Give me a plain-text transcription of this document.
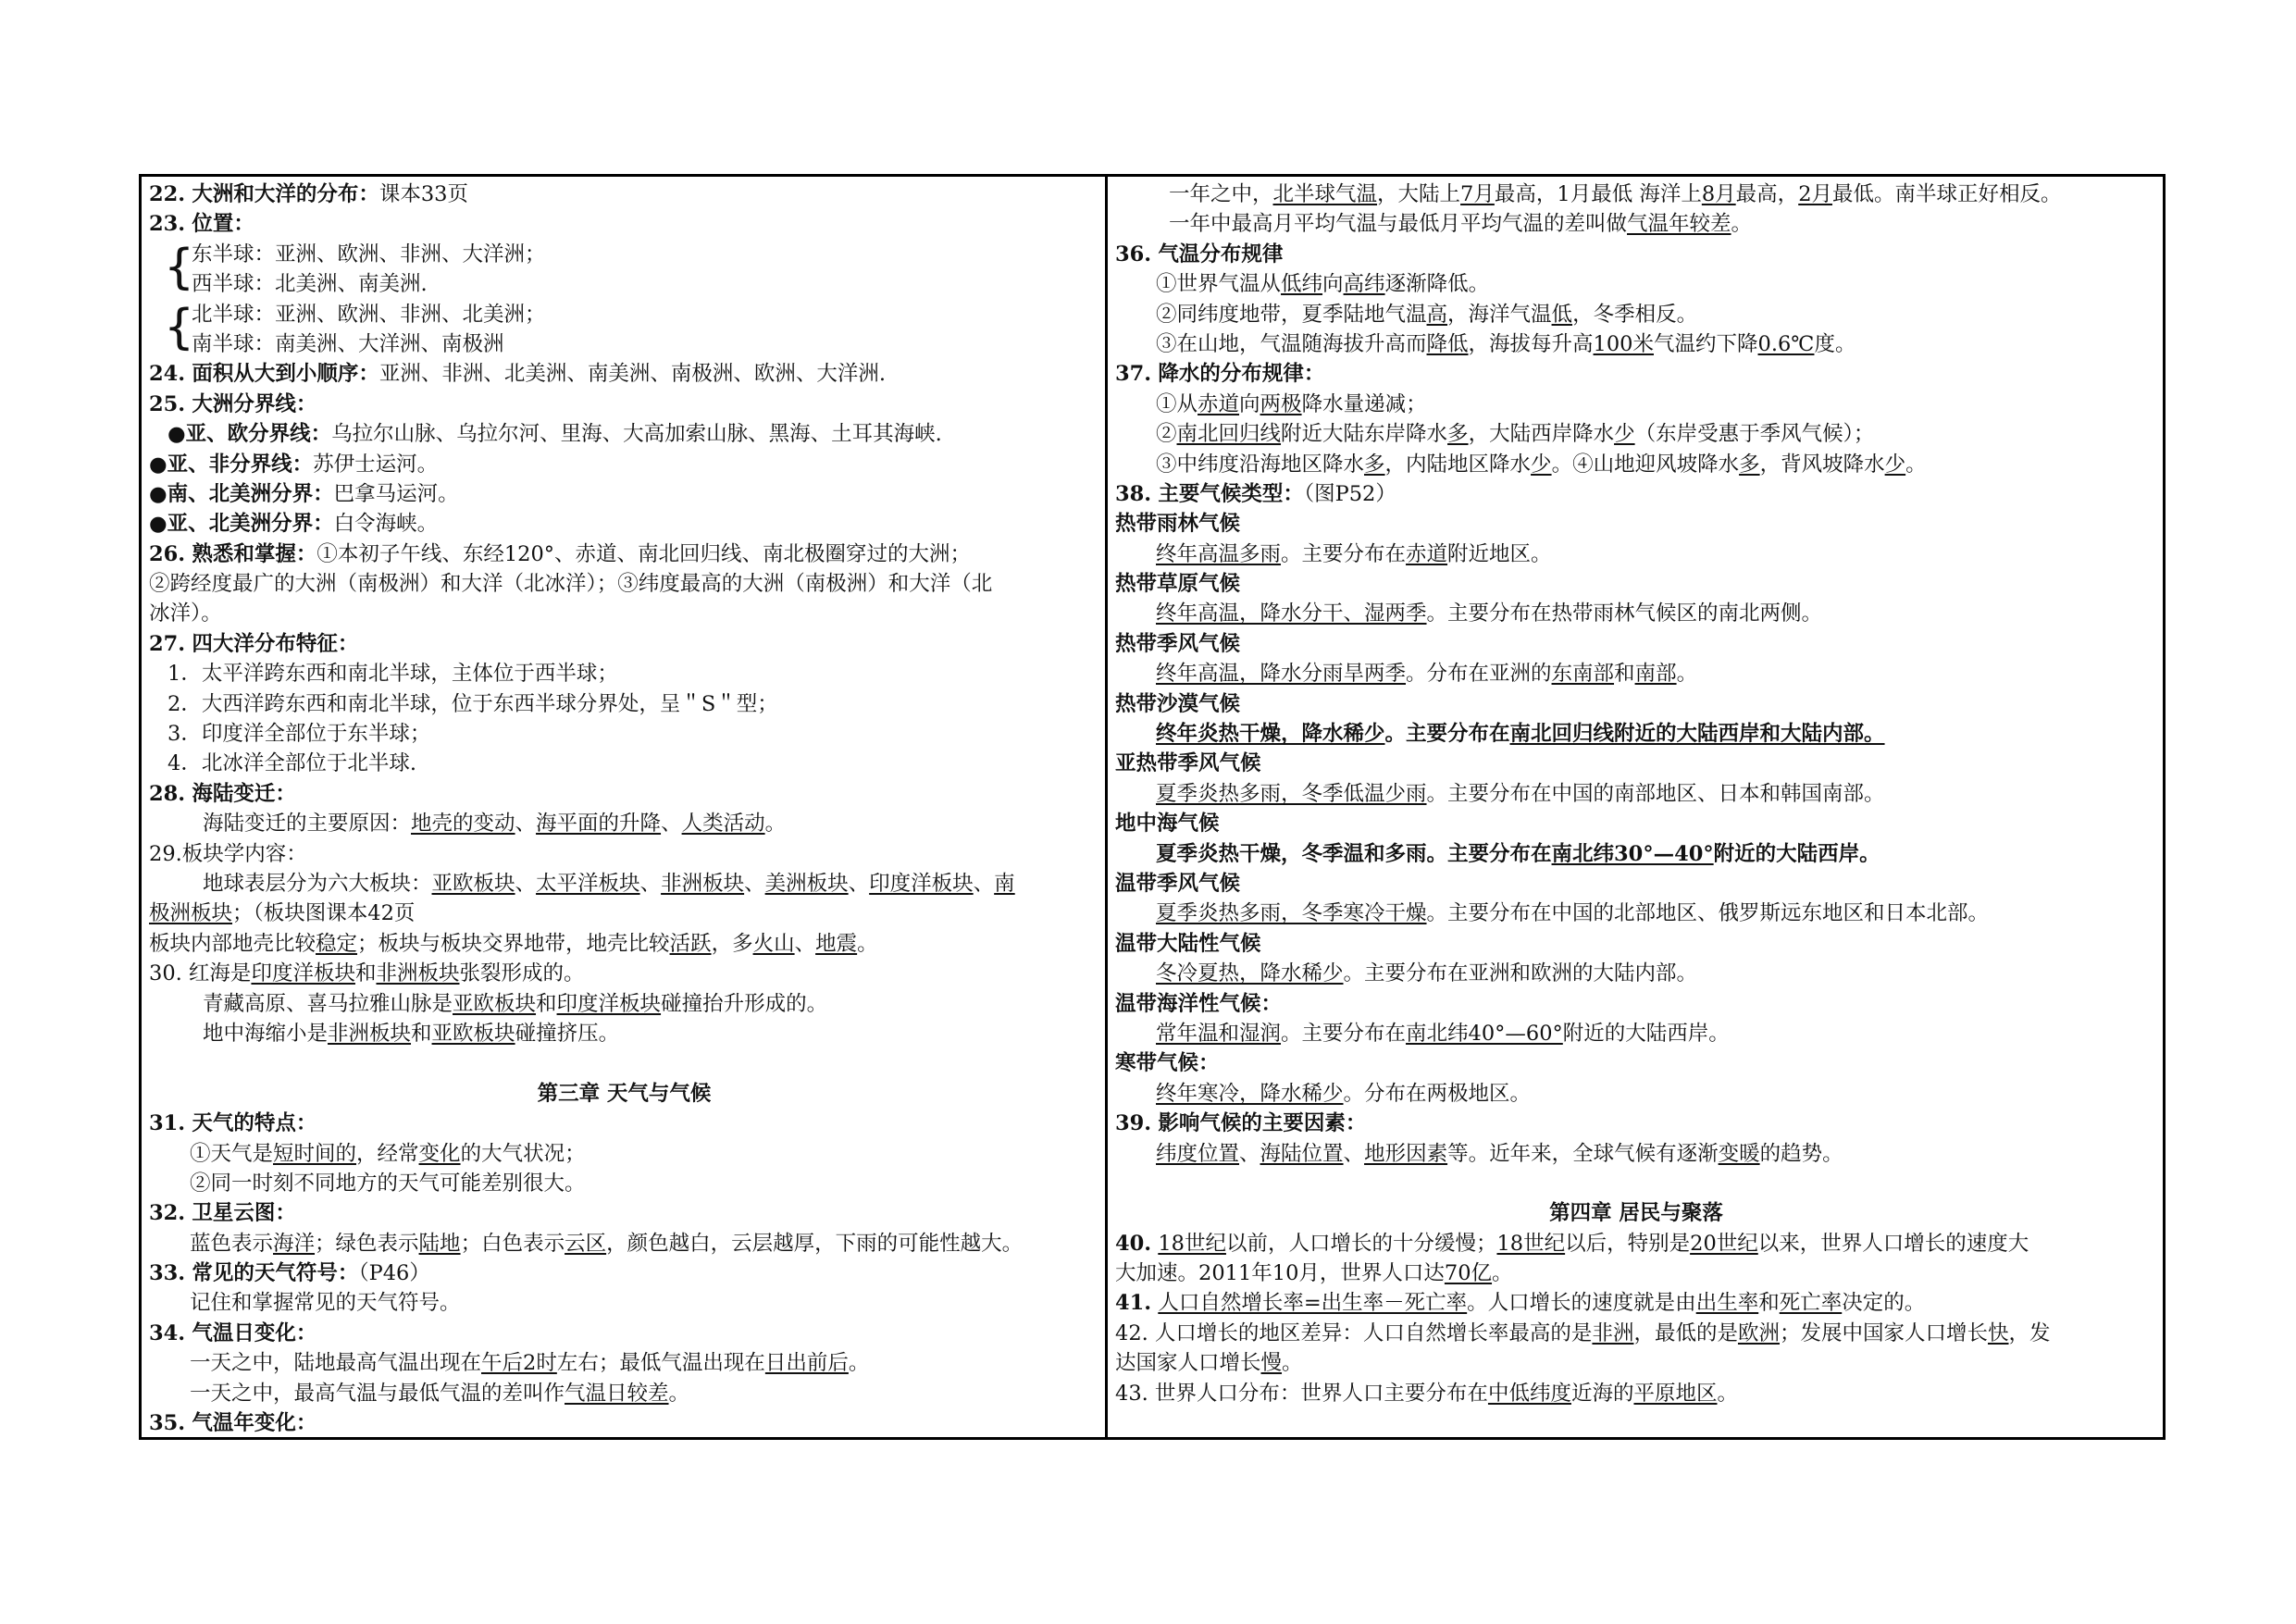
22. 大洲和大洋的分布：课本33页
23. 位置：
{
东半球：亚洲、欧洲、非洲、大洋洲；
西半球：北美洲、南美洲.
{
北半球：亚洲、欧洲、非洲、北美洲；
南半球：南美洲、大洋洲、南极洲
24. 面积从大到小顺序：亚洲、非洲、北美洲、南美洲、南极洲、欧洲、大洋洲.
25. 大洲分界线：
●亚、欧分界线：乌拉尔山脉、乌拉尔河、里海、大高加索山脉、黑海、土耳其海峡.
●亚、非分界线：苏伊士运河。
●南、北美洲分界：巴拿马运河。
●亚、北美洲分界：白令海峡。
26. 熟悉和掌握：①本初子午线、东经120°、赤道、南北回归线、南北极圈穿过的大洲；
②跨经度最广的大洲（南极洲）和大洋（北冰洋）；③纬度最高的大洲（南极洲）和大洋（北
冰洋）。
27. 四大洋分布特征：
1．太平洋跨东西和南北半球，主体位于西半球；
2．大西洋跨东西和南北半球，位于东西半球分界处，呈＂S＂型；
3．印度洋全部位于东半球；
4．北冰洋全部位于北半球.
28. 海陆变迁：
海陆变迁的主要原因：地壳的变动、海平面的升降、人类活动。
29.板块学内容：
地球表层分为六大板块：亚欧板块、太平洋板块、非洲板块、美洲板块、印度洋板块、南
极洲板块；（板块图课本42页
板块内部地壳比较稳定；板块与板块交界地带，地壳比较活跃，多火山、地震。
30. 红海是印度洋板块和非洲板块张裂形成的。
青藏高原、喜马拉雅山脉是亚欧板块和印度洋板块碰撞抬升形成的。
地中海缩小是非洲板块和亚欧板块碰撞挤压。
第三章 天气与气候
31. 天气的特点：
①天气是短时间的，经常变化的大气状况；
②同一时刻不同地方的天气可能差别很大。
32. 卫星云图：
蓝色表示海洋；绿色表示陆地；白色表示云区，颜色越白，云层越厚，下雨的可能性越大。
33. 常见的天气符号：（P46）
记住和掌握常见的天气符号。
34. 气温日变化：
一天之中，陆地最高气温出现在午后2时左右；最低气温出现在日出前后。
一天之中，最高气温与最低气温的差叫作气温日较差。
35. 气温年变化：
一年之中，北半球气温，大陆上7月最高，1月最低 海洋上8月最高，2月最低。南半球正好相反。
一年中最高月平均气温与最低月平均气温的差叫做气温年较差。
36. 气温分布规律
①世界气温从低纬向高纬逐渐降低。
②同纬度地带，夏季陆地气温高，海洋气温低，冬季相反。
③在山地，气温随海拔升高而降低，海拔每升高100米气温约下降0.6℃度。
37. 降水的分布规律：
①从赤道向两极降水量递减；
②南北回归线附近大陆东岸降水多，大陆西岸降水少（东岸受惠于季风气候）；
③中纬度沿海地区降水多，内陆地区降水少。④山地迎风坡降水多，背风坡降水少。
38. 主要气候类型：（图P52）
热带雨林气候
终年高温多雨。主要分布在赤道附近地区。
热带草原气候
终年高温，降水分干、湿两季。主要分布在热带雨林气候区的南北两侧。
热带季风气候
终年高温，降水分雨旱两季。分布在亚洲的东南部和南部。
热带沙漠气候
终年炎热干燥，降水稀少。主要分布在南北回归线附近的大陆西岸和大陆内部。
亚热带季风气候
夏季炎热多雨，冬季低温少雨。主要分布在中国的南部地区、日本和韩国南部。
地中海气候
夏季炎热干燥，冬季温和多雨。主要分布在南北纬30°—40°附近的大陆西岸。
温带季风气候
夏季炎热多雨，冬季寒冷干燥。主要分布在中国的北部地区、俄罗斯远东地区和日本北部。
温带大陆性气候
冬冷夏热，降水稀少。主要分布在亚洲和欧洲的大陆内部。
温带海洋性气候：
常年温和湿润。主要分布在南北纬40°—60°附近的大陆西岸。
寒带气候：
终年寒冷，降水稀少。分布在两极地区。
39. 影响气候的主要因素：
纬度位置、海陆位置、地形因素等。近年来，全球气候有逐渐变暖的趋势。
第四章 居民与聚落
40. 18世纪以前，人口增长的十分缓慢；18世纪以后，特别是20世纪以来，世界人口增长的速度大
大加速。2011年10月，世界人口达70亿。
41. 人口自然增长率=出生率－死亡率。人口增长的速度就是由出生率和死亡率决定的。
42. 人口增长的地区差异：人口自然增长率最高的是非洲，最低的是欧洲；发展中国家人口增长快，发
达国家人口增长慢。
43. 世界人口分布：世界人口主要分布在中低纬度近海的平原地区。
